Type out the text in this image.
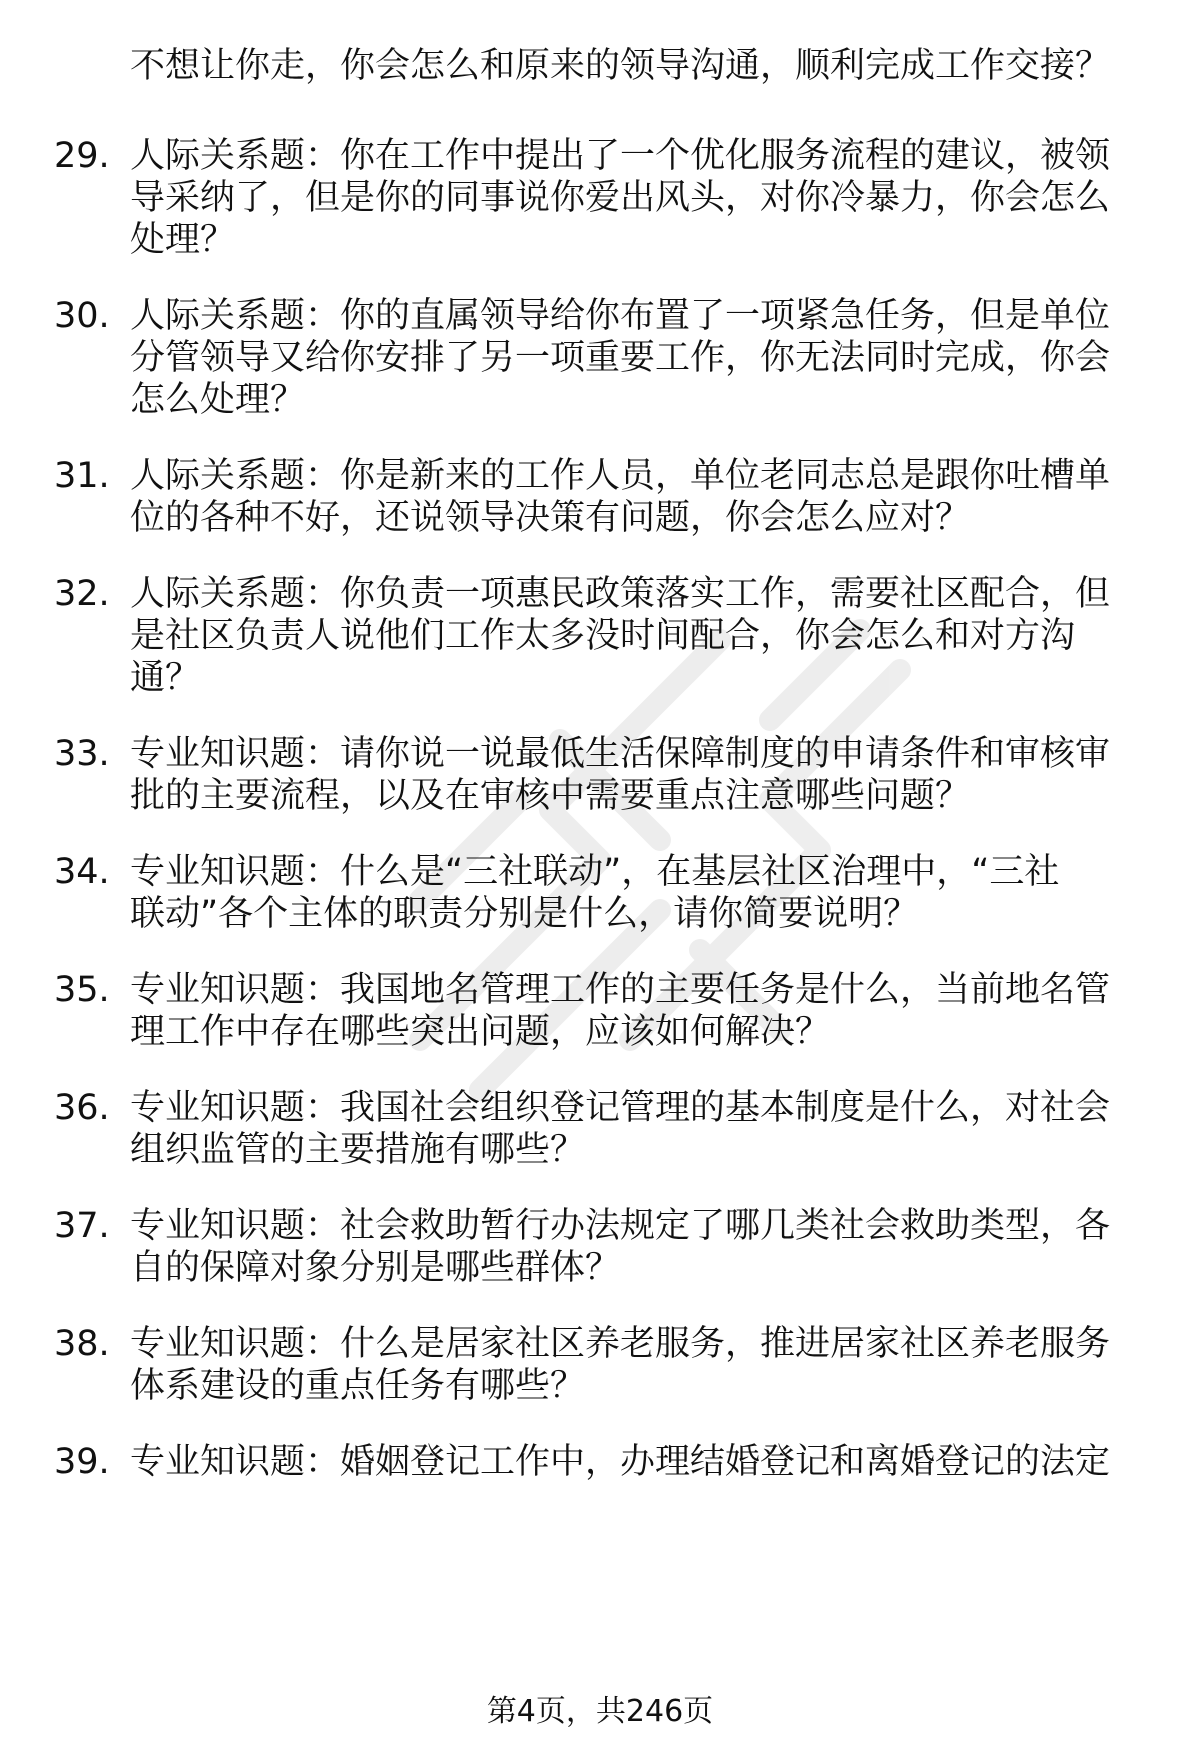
不想让你走，你会怎么和原来的领导沟通，顺利完成工作交接？
29. 人际关系题：你在工作中提出了一个优化服务流程的建议，被领
导采纳了，但是你的同事说你爱出风头，对你冷暴力，你会怎么
处理？
30. 人际关系题：你的直属领导给你布置了一项紧急任务，但是单位
分管领导又给你安排了另一项重要工作，你无法同时完成，你会
怎么处理？
31. 人际关系题：你是新来的工作人员，单位老同志总是跟你吐槽单
位的各种不好，还说领导决策有问题，你会怎么应对？
32. 人际关系题：你负责一项惠民政策落实工作，需要社区配合，但
是社区负责人说他们工作太多没时间配合，你会怎么和对方沟
通？
33. 专业知识题：请你说一说最低生活保障制度的申请条件和审核审
批的主要流程，以及在审核中需要重点注意哪些问题？
34. 专业知识题：什么是“三社联动”，在基层社区治理中，“三社
联动”各个主体的职责分别是什么，请你简要说明？
35. 专业知识题：我国地名管理工作的主要任务是什么，当前地名管
理工作中存在哪些突出问题，应该如何解决？
36. 专业知识题：我国社会组织登记管理的基本制度是什么，对社会
组织监管的主要措施有哪些？
37. 专业知识题：社会救助暂行办法规定了哪几类社会救助类型，各
自的保障对象分别是哪些群体？
38. 专业知识题：什么是居家社区养老服务，推进居家社区养老服务
体系建设的重点任务有哪些？
39. 专业知识题：婚姻登记工作中，办理结婚登记和离婚登记的法定
第4页，共246页
